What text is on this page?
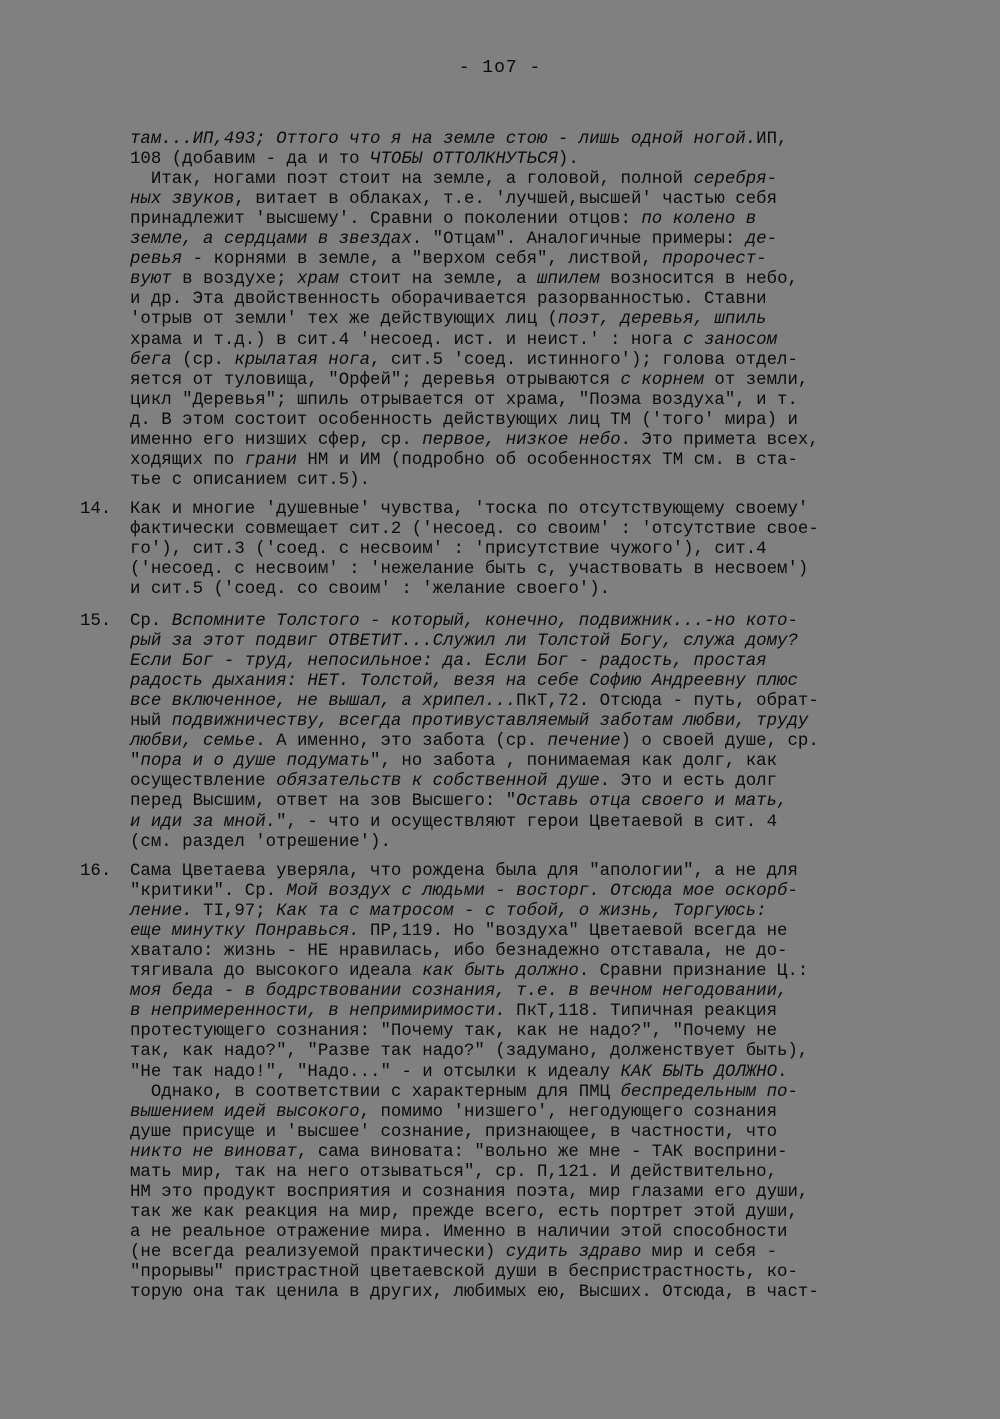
- 1o7 -
там...ИП,493; Оттого что я на земле стою - лишь одной ногой.ИП,
108 (добавим - да и то ЧТОБЫ ОТТОЛКНУТЬСЯ).
Итак, ногами поэт стоит на земле, а головой, полной серебря-
ных звуков, витает в облаках, т.е. 'лучшей,высшей' частью себя
принадлежит 'высшему'. Сравни о поколении отцов: по колено в
земле, а сердцами в звездах. "Отцам". Аналогичные примеры: де-
ревья - корнями в земле, а "верхом себя", листвой, пророчест-
вуют в воздухе; храм стоит на земле, а шпилем возносится в небо,
и др. Эта двойственность оборачивается разорванностью. Ставни
'отрыв от земли' тех же действующих лиц (поэт, деревья, шпиль
храма и т.д.) в сит.4 'несоед. ист. и неист.' : нога с заносом
бега (ср. крылатая нога, сит.5 'соед. истинного'); голова отдел-
яется от туловища, "Орфей"; деревья отрываются с корнем от земли,
цикл "Деревья"; шпиль отрывается от храма, "Поэма воздуха", и т.
д. В этом состоит особенность действующих лиц ТМ ('того' мира) и
именно его низших сфер, ср. первое, низкое небо. Это примета всех,
ходящих по грани НМ и ИМ (подробно об особенностях ТМ см. в ста-
тье с описанием сит.5).
14. Как и многие 'душевные' чувства, 'тоска по отсутствующему своему'
фактически совмещает сит.2 ('несоед. со своим' : 'отсутствие свое-
го'), сит.3 ('соед. с несвоим' : 'присутствие чужого'), сит.4
('несоед. с несвоим' : 'нежелание быть с, участвовать в несвоем')
и сит.5 ('соед. со своим' : 'желание своего').
15. Ср. Вспомните Толстого - который, конечно, подвижник...-но кото-
рый за этот подвиг ОТВЕТИТ...Служил ли Толстой Богу, служа дому?
Если Бог - труд, непосильное: да. Если Бог - радость, простая
радость дыхания: НЕТ. Толстой, везя на себе Софию Андреевну плюс
все включенное, не вышал, а хрипел...ПкТ,72. Отсюда - путь, обрат-
ный подвижничеству, всегда противуставляемый заботам любви, труду
любви, семье. А именно, это забота (ср. печение) о своей душе, ср.
"пора и о душе подумать", но забота , понимаемая как долг, как
осуществление обязательств к собственной душе. Это и есть долг
перед Высшим, ответ на зов Высшего: "Оставь отца своего и мать,
и иди за мной.", - что и осуществляют герои Цветаевой в сит. 4
(см. раздел 'отрешение').
16. Сама Цветаева уверяла, что рождена была для "апологии", а не для
"критики". Ср. Мой воздух с людьми - восторг. Отсюда мое оскорб-
ление. TI,97; Как та с матросом - с тобой, о жизнь, Торгуюсь:
еще минутку Понравься. ПР,119. Но "воздуха" Цветаевой всегда не
хватало: жизнь - НЕ нравилась, ибо безнадежно отставала, не до-
тягивала до высокого идеала как быть должно. Сравни признание Ц.:
моя беда - в бодрствовании сознания, т.е. в вечном негодовании,
в непримеренности, в непримиримости. ПкТ,118. Типичная реакция
протестующего сознания: "Почему так, как не надо?", "Почему не
так, как надо?", "Разве так надо?" (задумано, долженствует быть),
"Не так надо!", "Надо..." - и отсылки к идеалу КАК БЫТЬ ДОЛЖНО.
Однако, в соответствии с характерным для ПМЦ беспредельным по-
вышением идей высокого, помимо 'низшего', негодующего сознания
душе присуще и 'высшее' сознание, признающее, в частности, что
никто не виноват, сама виновата: "вольно же мне - ТАК восприни-
мать мир, так на него отзываться", ср. П,121. И действительно,
НМ это продукт восприятия и сознания поэта, мир глазами его души,
так же как реакция на мир, прежде всего, есть портрет этой души,
а не реальное отражение мира. Именно в наличии этой способности
(не всегда реализуемой практически) судить здраво мир и себя -
"прорывы" пристрастной цветаевской души в беспристрастность, ко-
торую она так ценила в других, любимых ею, Высших. Отсюда, в част-
